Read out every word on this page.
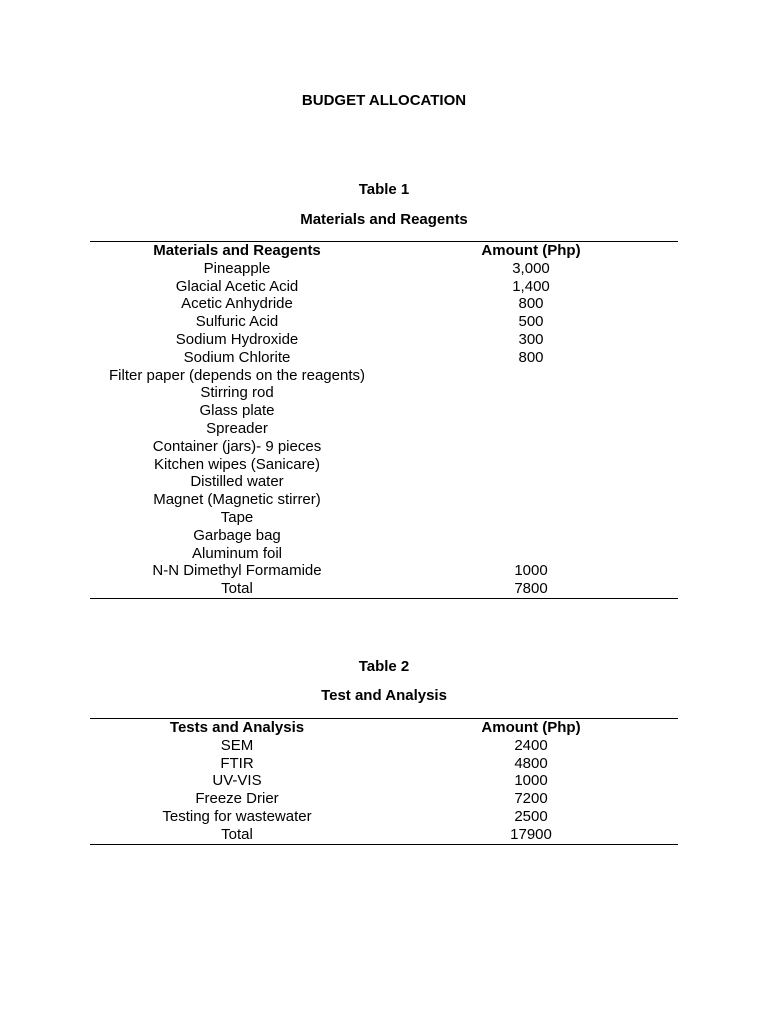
BUDGET ALLOCATION
Table 1
Materials and Reagents
Materials and Reagents	Amount (Php)
Pineapple	3,000
Glacial Acetic Acid	1,400
Acetic Anhydride	800
Sulfuric Acid	500
Sodium Hydroxide	300
Sodium Chlorite	800
Filter paper (depends on the reagents)	
Stirring rod	
Glass plate	
Spreader	
Container (jars)- 9 pieces	
Kitchen wipes (Sanicare)	
Distilled water	
Magnet (Magnetic stirrer)	
Tape	
Garbage bag	
Aluminum foil	
N-N Dimethyl Formamide	1000
Total	7800
Table 2
Test and Analysis
Tests and Analysis	Amount (Php)
SEM	2400
FTIR	4800
UV-VIS	1000
Freeze Drier	7200
Testing for wastewater	2500
Total	17900
